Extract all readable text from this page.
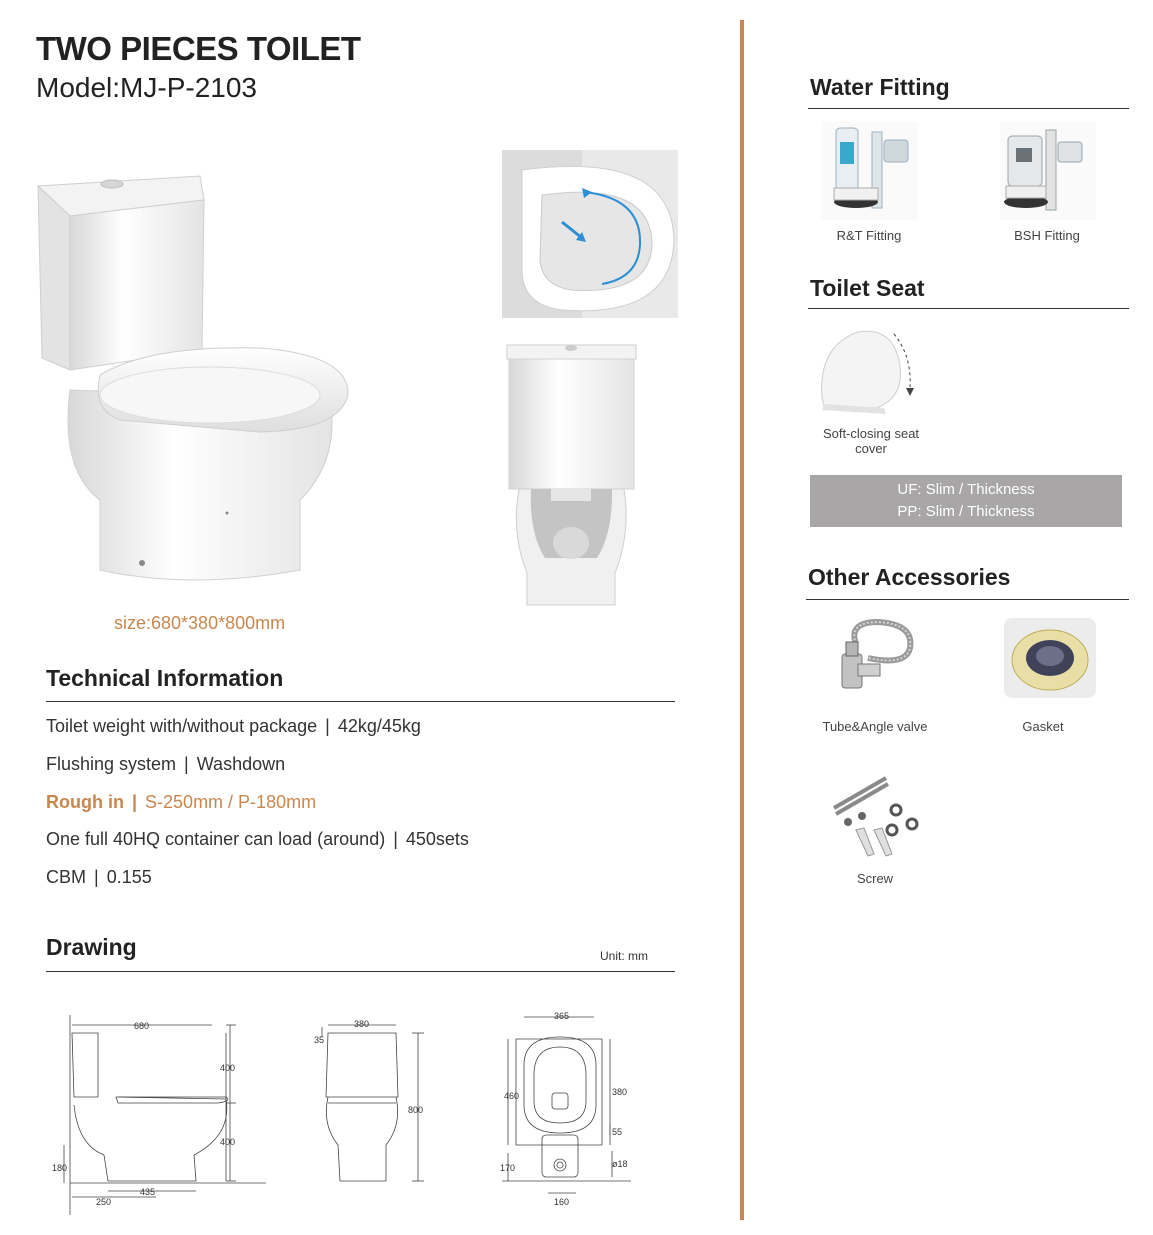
TWO PIECES TOILET
Model:MJ-P-2103
size:680*380*800mm
Technical Information
Toilet weight with/without package | 42kg/45kg
Flushing system | Washdown
Rough in | S-250mm / P-180mm
One full 40HQ container can load (around) | 450sets
CBM | 0.155
Drawing	Unit: mm
680
400
400
180
250
435
380
35
800
365
460	380
55
170	ø18
160
Water Fitting
R&T Fitting	BSH Fitting
Toilet Seat
Soft-closing seat cover
UF: Slim / Thickness
PP: Slim / Thickness
Other Accessories
Tube&Angle valve	Gasket
Screw
